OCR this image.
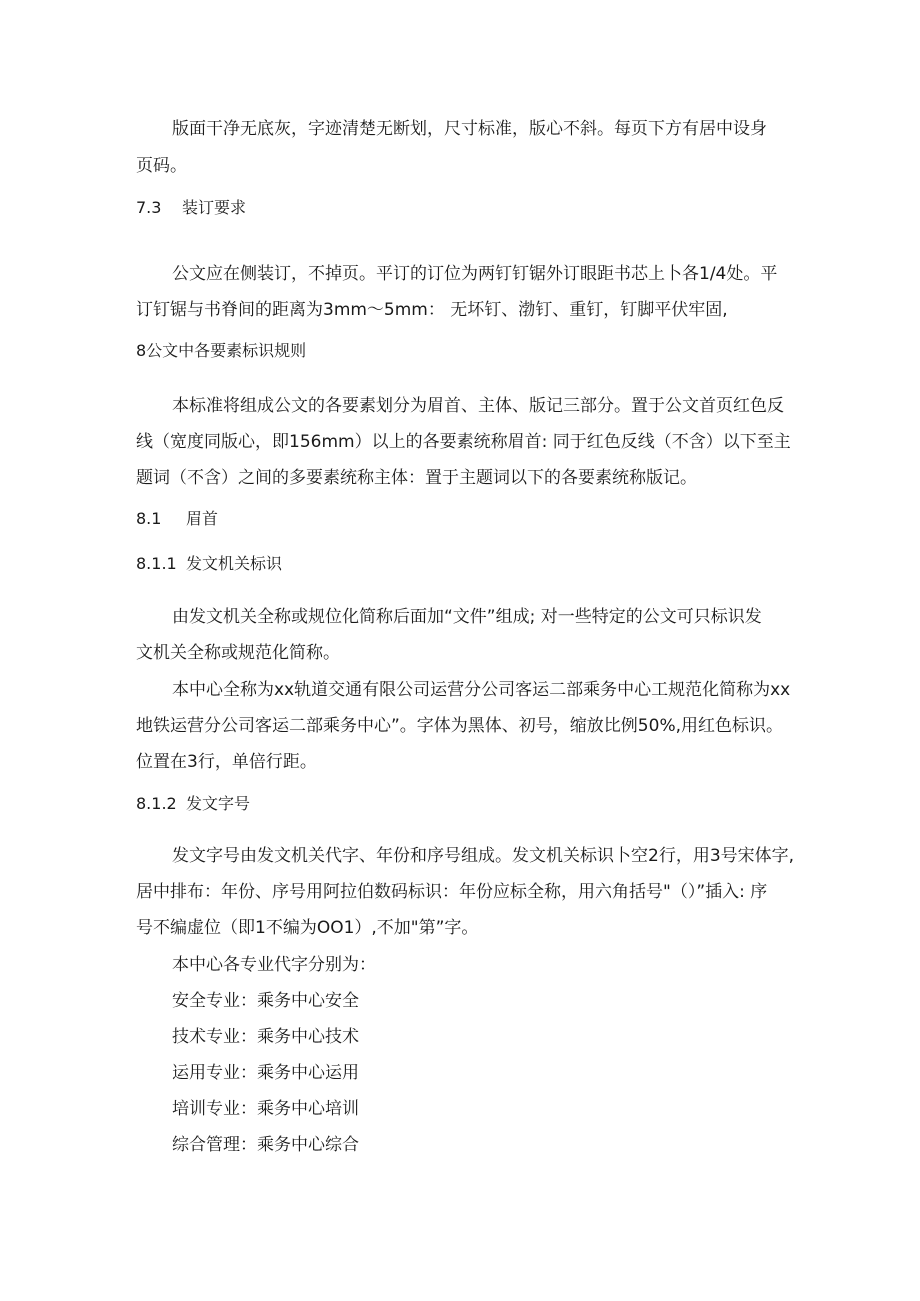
版面干净无底灰，字迹清楚无断划，尺寸标准，版心不斜。每页下方有居中设身
页码。
7.3 装订要求
公文应在侧装订，不掉页。平订的订位为两钉钉锯外订眼距书芯上卜各1/4处。平
订钉锯与书脊间的距离为3mm～5mm： 无坏钉、渤钉、重钉，钉脚平伏牢固,
8公文中各要素标识规则
本标准将组成公文的各要素划分为眉首、主体、版记三部分。置于公文首页红色反
线（宽度同版心，即156mm）以上的各要素统称眉首: 同于红色反线（不含）以下至主
题词（不含）之间的多要素统称主体：置于主题词以下的各要素统称版记。
8.1 眉首
8.1.1 发文机关标识
由发文机关全称或规位化简称后面加“文件”组成; 对一些特定的公文可只标识发
文机关全称或规范化简称。
本中心全称为xx轨道交通有限公司运营分公司客运二部乘务中心工规范化简称为xx
地铁运营分公司客运二部乘务中心”。字体为黑体、初号，缩放比例50%,用红色标识。
位置在3行，单倍行距。
8.1.2 发文字号
发文字号由发文机关代字、年份和序号组成。发文机关标识卜空2行，用3号宋体字,
居中排布：年份、序号用阿拉伯数码标识：年份应标全称，用六角括号"（）”插入: 序
号不编虚位（即1不编为OO1）,不加"第”字。
本中心各专业代字分别为：
安全专业：乘务中心安全
技术专业：乘务中心技术
运用专业：乘务中心运用
培训专业：乘务中心培训
综合管理：乘务中心综合
